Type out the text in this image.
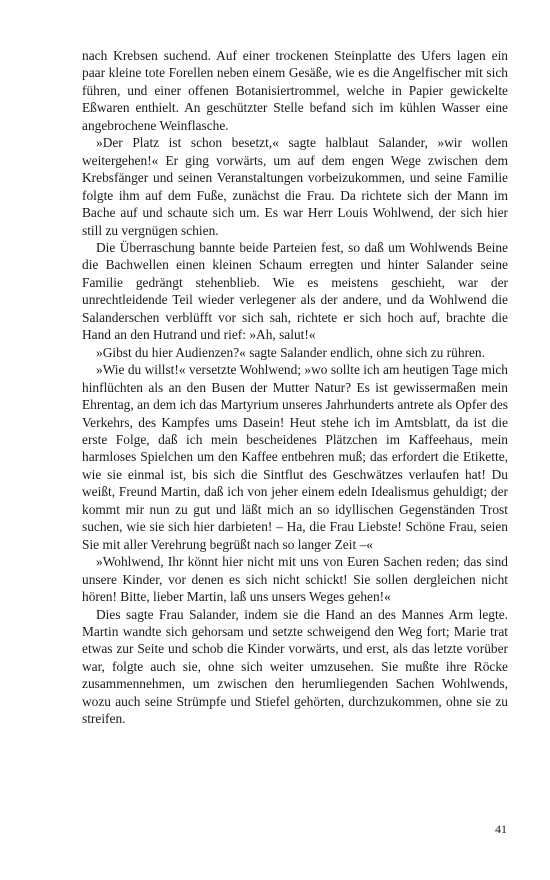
nach Krebsen suchend. Auf einer trockenen Steinplatte des Ufers lagen ein paar kleine tote Forellen neben einem Gesäße, wie es die Angelfischer mit sich führen, und einer offenen Botanisiertrommel, welche in Papier gewickelte Eßwaren enthielt. An geschützter Stelle befand sich im kühlen Wasser eine angebrochene Weinflasche.

»Der Platz ist schon besetzt,« sagte halblaut Salander, »wir wollen weitergehen!« Er ging vorwärts, um auf dem engen Wege zwischen dem Krebsfänger und seinen Veranstaltungen vorbeizukommen, und seine Familie folgte ihm auf dem Fuße, zunächst die Frau. Da richtete sich der Mann im Bache auf und schaute sich um. Es war Herr Louis Wohlwend, der sich hier still zu vergnügen schien.

Die Überraschung bannte beide Parteien fest, so daß um Wohlwends Beine die Bachwellen einen kleinen Schaum erregten und hinter Salander seine Familie gedrängt stehenblieb. Wie es meistens geschieht, war der unrechtleidende Teil wieder verlegener als der andere, und da Wohlwend die Salanderschen verblüfft vor sich sah, richtete er sich hoch auf, brachte die Hand an den Hutrand und rief: »Ah, salut!«

»Gibst du hier Audienzen?« sagte Salander endlich, ohne sich zu rühren.

»Wie du willst!« versetzte Wohlwend; »wo sollte ich am heutigen Tage mich hinflüchten als an den Busen der Mutter Natur? Es ist gewissermaßen mein Ehrentag, an dem ich das Martyrium unseres Jahrhunderts antrete als Opfer des Verkehrs, des Kampfes ums Dasein! Heut stehe ich im Amtsblatt, da ist die erste Folge, daß ich mein bescheidenes Plätzchen im Kaffeehaus, mein harmloses Spielchen um den Kaffee entbehren muß; das erfordert die Etikette, wie sie einmal ist, bis sich die Sintflut des Geschwätzes verlaufen hat! Du weißt, Freund Martin, daß ich von jeher einem edeln Idealismus gehuldigt; der kommt mir nun zu gut und läßt mich an so idyllischen Gegenständen Trost suchen, wie sie sich hier darbieten! – Ha, die Frau Liebste! Schöne Frau, seien Sie mit aller Verehrung begrüßt nach so langer Zeit –«

»Wohlwend, Ihr könnt hier nicht mit uns von Euren Sachen reden; das sind unsere Kinder, vor denen es sich nicht schickt! Sie sollen dergleichen nicht hören! Bitte, lieber Martin, laß uns unsers Weges gehen!«

Dies sagte Frau Salander, indem sie die Hand an des Mannes Arm legte. Martin wandte sich gehorsam und setzte schweigend den Weg fort; Marie trat etwas zur Seite und schob die Kinder vorwärts, und erst, als das letzte vorüber war, folgte auch sie, ohne sich weiter umzusehen. Sie mußte ihre Röcke zusammennehmen, um zwischen den herumliegenden Sachen Wohlwends, wozu auch seine Strümpfe und Stiefel gehörten, durchzukommen, ohne sie zu streifen.

41
